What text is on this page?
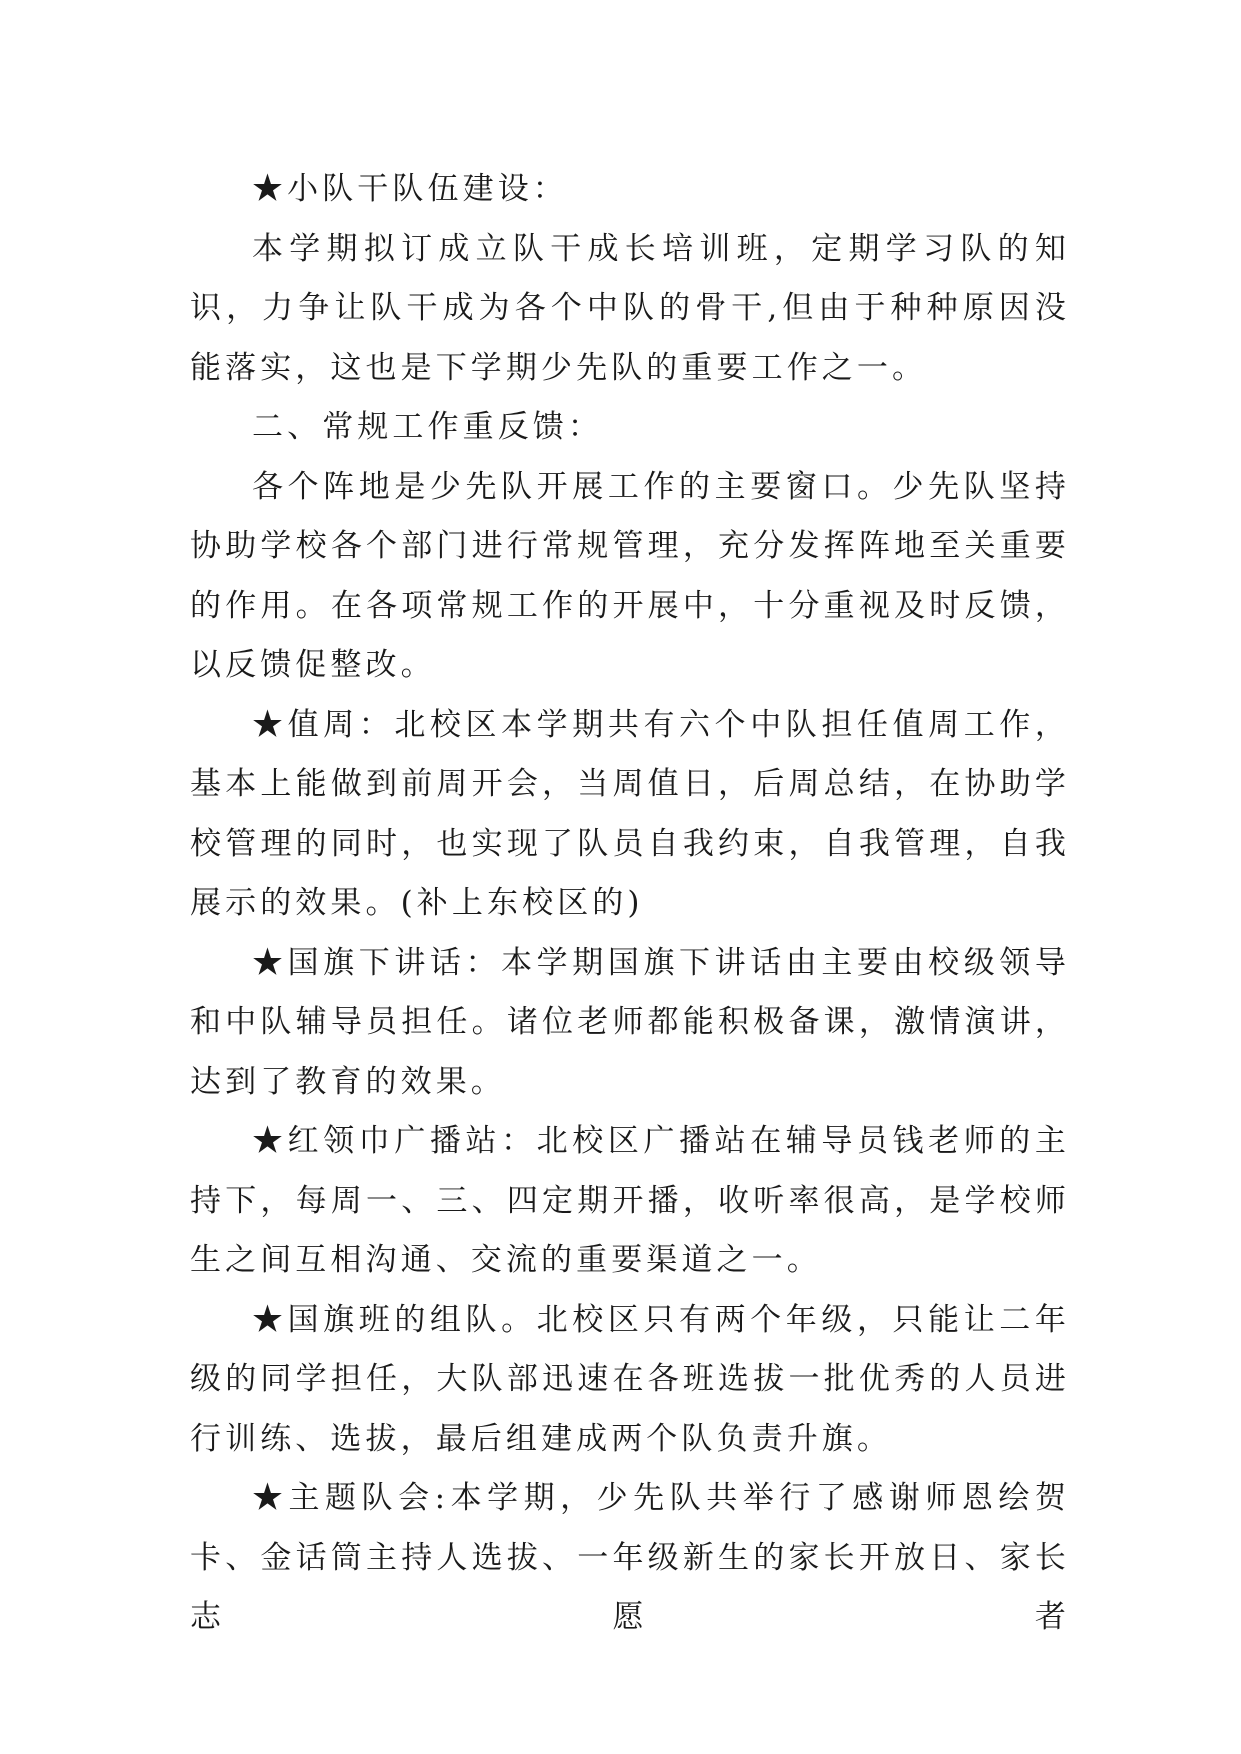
★小队干队伍建设：

本学期拟订成立队干成长培训班，定期学习队的知识，力争让队干成为各个中队的骨干,但由于种种原因没能落实，这也是下学期少先队的重要工作之一。

二、常规工作重反馈：

各个阵地是少先队开展工作的主要窗口。少先队坚持协助学校各个部门进行常规管理，充分发挥阵地至关重要的作用。在各项常规工作的开展中，十分重视及时反馈，以反馈促整改。

★值周：北校区本学期共有六个中队担任值周工作，基本上能做到前周开会，当周值日，后周总结，在协助学校管理的同时，也实现了队员自我约束，自我管理，自我展示的效果。(补上东校区的)

★国旗下讲话：本学期国旗下讲话由主要由校级领导和中队辅导员担任。诸位老师都能积极备课，激情演讲，达到了教育的效果。

★红领巾广播站：北校区广播站在辅导员钱老师的主持下，每周一、三、四定期开播，收听率很高，是学校师生之间互相沟通、交流的重要渠道之一。

★国旗班的组队。北校区只有两个年级，只能让二年级的同学担任，大队部迅速在各班选拔一批优秀的人员进行训练、选拔，最后组建成两个队负责升旗。

★主题队会:本学期，少先队共举行了感谢师恩绘贺卡、金话筒主持人选拔、一年级新生的家长开放日、家长志愿者
